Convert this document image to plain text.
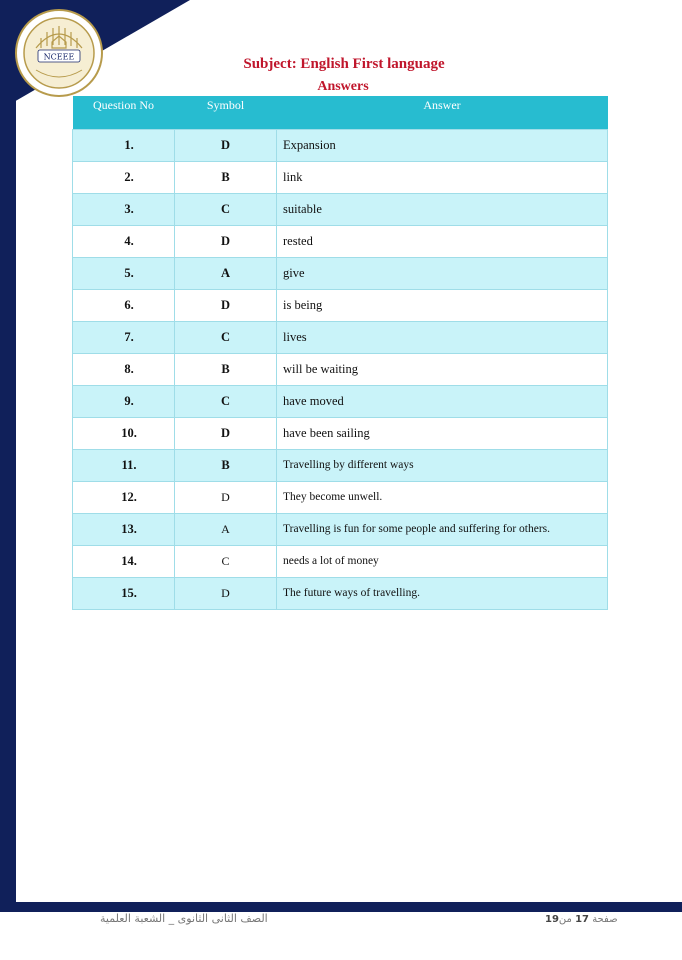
NCEEE	Subject: English First language
Answers
Question No	Symbol	Answer
1.	D	Expansion
2.	B	link
3.	C	suitable
4.	D	rested
5.	A	give
6.	D	is being
7.	C	lives
8.	B	will be waiting
9.	C	have moved
10.	D	have been sailing
11.	B	Travelling by different ways
12.	D	They become unwell.
13.	A	Travelling is fun for some people and suffering for others.
14.	C	needs a lot of money
15.	D	The future ways of travelling.
الصف الثانى الثانوى _ الشعبة العلمية	صفحة 17 من19
